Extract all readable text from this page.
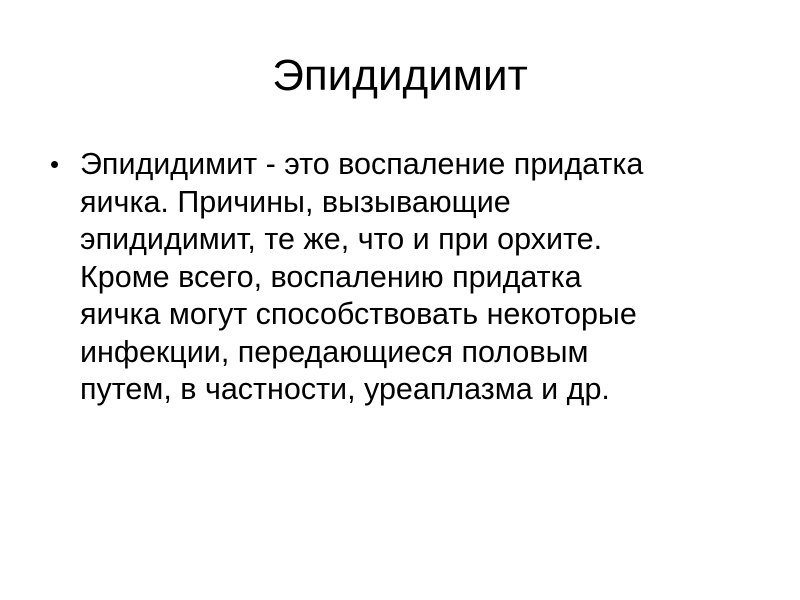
Эпидидимит
• Эпидидимит - это воспаление придатка
яичка. Причины, вызывающие
эпидидимит, те же, что и при орхите.
Кроме всего, воспалению придатка
яичка могут способствовать некоторые
инфекции, передающиеся половым
путем, в частности, уреаплазма и др.
